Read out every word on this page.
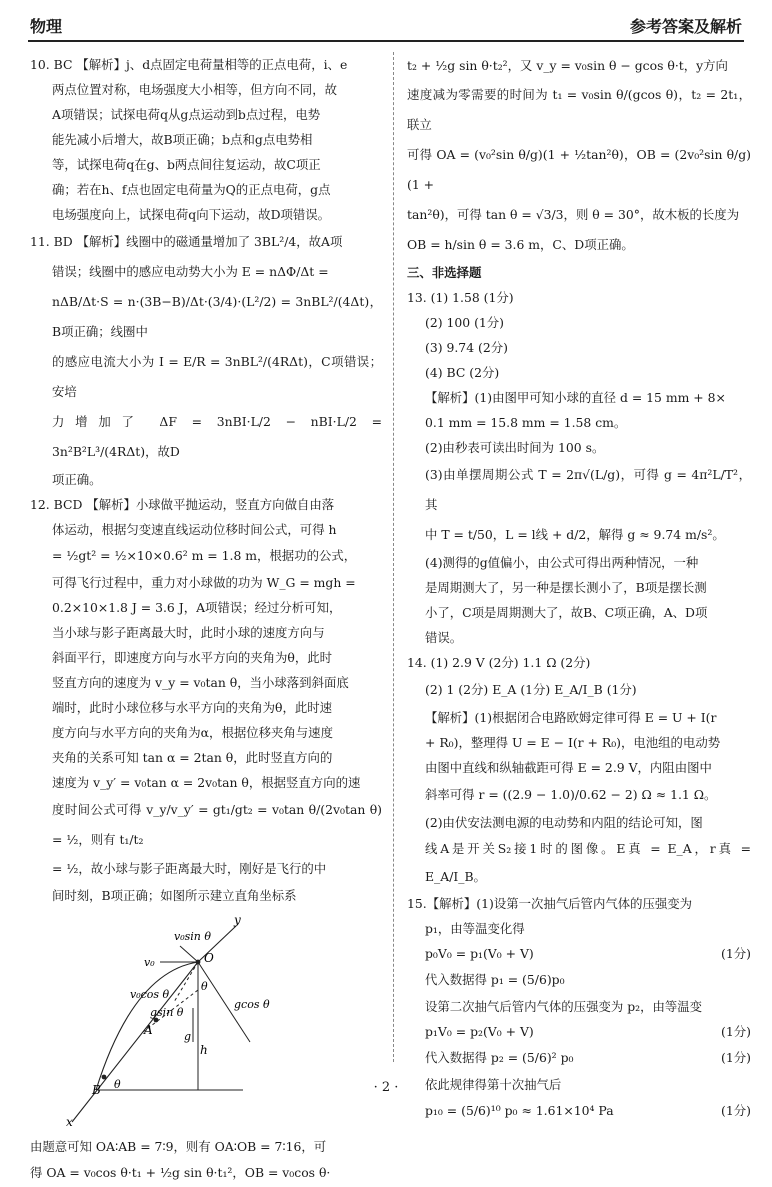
物理	参考答案及解析

10. BC 【解析】j、d点固定电荷量相等的正点电荷，i、e

两点位置对称，电场强度大小相等，但方向不同，故

A项错误；试探电荷q从g点运动到b点过程，电势

能先减小后增大，故B项正确；b点和g点电势相

等，试探电荷q在g、b两点间往复运动，故C项正

确；若在h、f点也固定电荷量为Q的正点电荷，g点

电场强度向上，试探电荷q向下运动，故D项错误。

11. BD 【解析】线圈中的磁通量增加了 3BL²/4，故A项

错误；线圈中的感应电动势大小为 E = nΔΦ/Δt =

nΔB/Δt·S = n·(3B−B)/Δt·(3/4)·(L²/2) = 3nBL²/(4Δt)，B项正确；线圈中

的感应电流大小为 I = E/R = 3nBL²/(4RΔt)，C项错误；安培

力增加了 ΔF = 3nBI·L/2 − nBI·L/2 = 3n²B²L³/(4RΔt)，故D

项正确。

12. BCD 【解析】小球做平抛运动，竖直方向做自由落

体运动，根据匀变速直线运动位移时间公式，可得 h

= ½gt² = ½×10×0.6² m = 1.8 m，根据功的公式，

可得飞行过程中，重力对小球做的功为 W_G = mgh =

0.2×10×1.8 J = 3.6 J，A项错误；经过分析可知，

当小球与影子距离最大时，此时小球的速度方向与

斜面平行，即速度方向与水平方向的夹角为θ，此时

竖直方向的速度为 v_y = v₀tan θ，当小球落到斜面底

端时，此时小球位移与水平方向的夹角为θ，此时速

度方向与水平方向的夹角为α，根据位移夹角与速度

夹角的关系可知 tan α = 2tan θ，此时竖直方向的

速度为 v_y′ = v₀tan α = 2v₀tan θ，根据竖直方向的速

度时间公式可得 v_y/v_y′ = gt₁/gt₂ = v₀tan θ/(2v₀tan θ) = ½，则有 t₁/t₂

= ½，故小球与影子距离最大时，刚好是飞行的中

间时刻，B项正确；如图所示建立直角坐标系

y
x
v₀
v₀sin θ
O
v₀cos θ
θ
gcos θ
gsin θ
g
A
h
B θ

由题意可知 OA∶AB = 7∶9，则有 OA∶OB = 7∶16，可

得 OA = v₀cos θ·t₁ + ½g sin θ·t₁²，OB = v₀cos θ·

t₂ + ½g sin θ·t₂²，又 v_y = v₀sin θ − gcos θ·t，y方向

速度减为零需要的时间为 t₁ = v₀sin θ/(gcos θ)，t₂ = 2t₁，联立

可得 OA = (v₀²sin θ/g)(1 + ½tan²θ)，OB = (2v₀²sin θ/g)(1 +

tan²θ)，可得 tan θ = √3/3，则 θ = 30°，故木板的长度为

OB = h/sin θ = 3.6 m，C、D项正确。

三、非选择题

13. (1) 1.58 (1分)

(2) 100 (1分)

(3) 9.74 (2分)

(4) BC (2分)

【解析】(1)由图甲可知小球的直径 d = 15 mm + 8×

0.1 mm = 15.8 mm = 1.58 cm。

(2)由秒表可读出时间为 100 s。

(3)由单摆周期公式 T = 2π√(L/g)，可得 g = 4π²L/T²，其

中 T = t/50，L = l线 + d/2，解得 g ≈ 9.74 m/s²。

(4)测得的g值偏小，由公式可得出两种情况，一种

是周期测大了，另一种是摆长测小了，B项是摆长测

小了，C项是周期测大了，故B、C项正确，A、D项

错误。

14. (1) 2.9 V (2分) 1.1 Ω (2分)

(2) 1 (2分) E_A (1分) E_A/I_B (1分)

【解析】(1)根据闭合电路欧姆定律可得 E = U + I(r

+ R₀)，整理得 U = E − I(r + R₀)，电池组的电动势

由图中直线和纵轴截距可得 E = 2.9 V，内阻由图中

斜率可得 r = ((2.9 − 1.0)/0.62 − 2) Ω ≈ 1.1 Ω。

(2)由伏安法测电源的电动势和内阻的结论可知，图

线A是开关S₂接1时的图像。E真 = E_A，r真 = E_A/I_B。

15.【解析】(1)设第一次抽气后管内气体的压强变为

p₁，由等温变化得

p₀V₀ = p₁(V₀ + V)	(1分)
代入数据得 p₁ = (5/6)p₀

设第二次抽气后管内气体的压强变为 p₂，由等温变

p₁V₀ = p₂(V₀ + V)	(1分)
代入数据得 p₂ = (5/6)² p₀	(1分)

依此规律得第十次抽气后

p₁₀ = (5/6)¹⁰ p₀ ≈ 1.61×10⁴ Pa	(1分)
· 2 ·
